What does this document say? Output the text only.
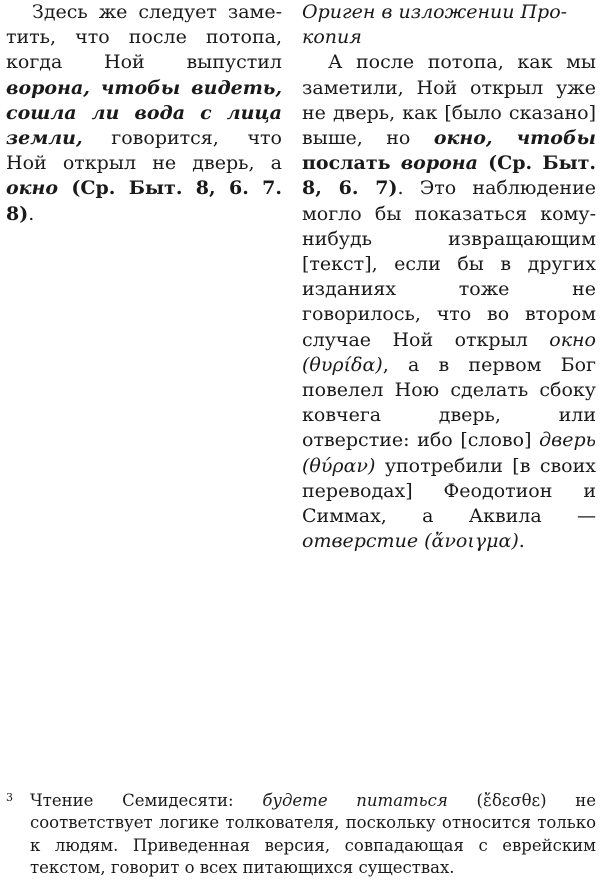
Здесь же следует заметить, что после потопа, когда Ной выпустил ворона, чтобы видеть, сошла ли вода с лица земли, говорится, что Ной открыл не дверь, а окно (Ср. Быт. 8, 6. 7. 8).

Ориген в изложении Прокопия

А после потопа, как мы заметили, Ной открыл уже не дверь, как [было сказано] выше, но окно, чтобы послать ворона (Ср. Быт. 8, 6. 7). Это наблюдение могло бы показаться кому-нибудь извращающим [текст], если бы в других изданиях тоже не говорилось, что во втором случае Ной открыл окно (θυρίδα), а в первом Бог повелел Ною сделать сбоку ковчега дверь, или отверстие: ибо [слово] дверь (θύραν) употребили [в своих переводах] Феодотион и Симмах, а Аквила — отверстие (ἄνοιγμα).

3 Чтение Семидесяти: будете питаться (ἔδεσθε) не соответствует логике толкователя, поскольку относится только к людям. Приведенная версия, совпадающая с еврейским текстом, говорит о всех питающихся существах.
